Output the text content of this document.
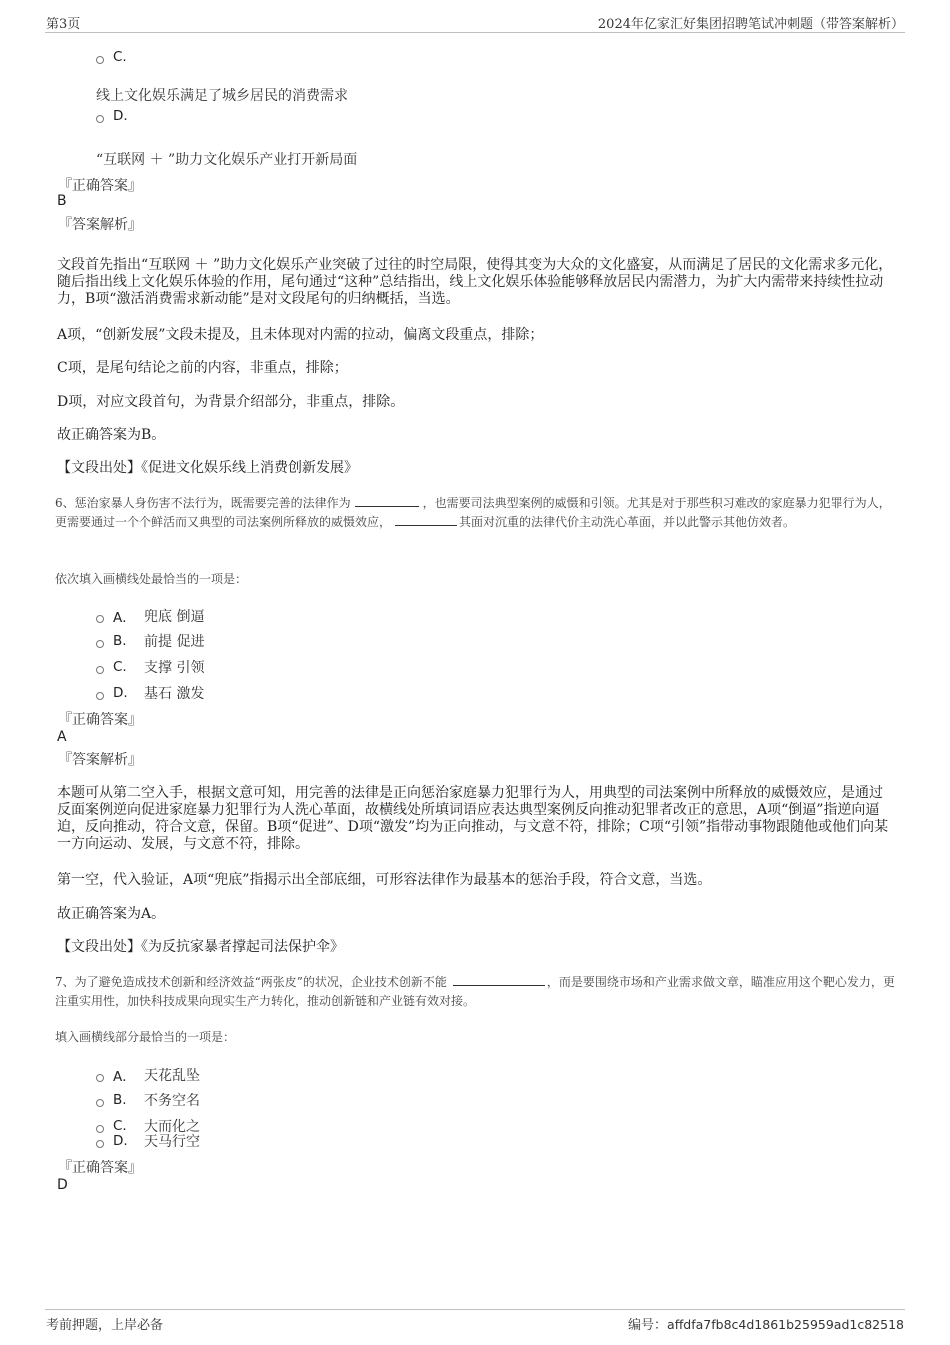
第3页	2024年亿家汇好集团招聘笔试冲刺题（带答案解析）
C.
线上文化娱乐满足了城乡居民的消费需求
D.
“互联网 ＋ ”助力文化娱乐产业打开新局面
『正确答案』
B
『答案解析』
文段首先指出“互联网 ＋ ”助力文化娱乐产业突破了过往的时空局限，使得其变为大众的文化盛宴，从而满足了居民的文化需求多元化，随后指出线上文化娱乐体验的作用，尾句通过“这种”总结指出，线上文化娱乐体验能够释放居民内需潜力，为扩大内需带来持续性拉动力，B项“激活消费需求新动能”是对文段尾句的归纳概括，当选。
A项，“创新发展”文段未提及，且未体现对内需的拉动，偏离文段重点，排除；
C项，是尾句结论之前的内容，非重点，排除；
D项，对应文段首句，为背景介绍部分，非重点，排除。
故正确答案为B。
【文段出处】《促进文化娱乐线上消费创新发展》
6、惩治家暴人身伤害不法行为，既需要完善的法律作为	，也需要司法典型案例的威慑和引领。尤其是对于那些积习难改的家庭暴力犯罪行为人，更需要通过一个个鲜活而又典型的司法案例所释放的威慑效应，	其面对沉重的法律代价主动洗心革面，并以此警示其他仿效者。
依次填入画横线处最恰当的一项是：
A． 兜底 倒逼
B.	前提 促进
C.	支撑 引领
D.	基石 激发
『正确答案』
A
『答案解析』
本题可从第二空入手，根据文意可知，用完善的法律是正向惩治家庭暴力犯罪行为人，用典型的司法案例中所释放的威慑效应，是通过反面案例逆向促进家庭暴力犯罪行为人洗心革面，故横线处所填词语应表达典型案例反向推动犯罪者改正的意思，A项“倒逼”指逆向逼迫，反向推动，符合文意，保留。B项“促进”、D项“激发”均为正向推动，与文意不符，排除；C项“引领”指带动事物跟随他或他们向某一方向运动、发展，与文意不符，排除。
第一空，代入验证，A项“兜底”指揭示出全部底细，可形容法律作为最基本的惩治手段，符合文意，当选。
故正确答案为A。
【文段出处】《为反抗家暴者撑起司法保护伞》
7、为了避免造成技术创新和经济效益“两张皮”的状况，企业技术创新不能	，而是要围绕市场和产业需求做文章，瞄准应用这个靶心发力，更注重实用性，加快科技成果向现实生产力转化，推动创新链和产业链有效对接。
填入画横线部分最恰当的一项是：
A． 天花乱坠
B.	不务空名
C.	大而化之
D.	天马行空
『正确答案』
D
考前押题，上岸必备	编号：affdfa7fb8c4d1861b25959ad1c82518
